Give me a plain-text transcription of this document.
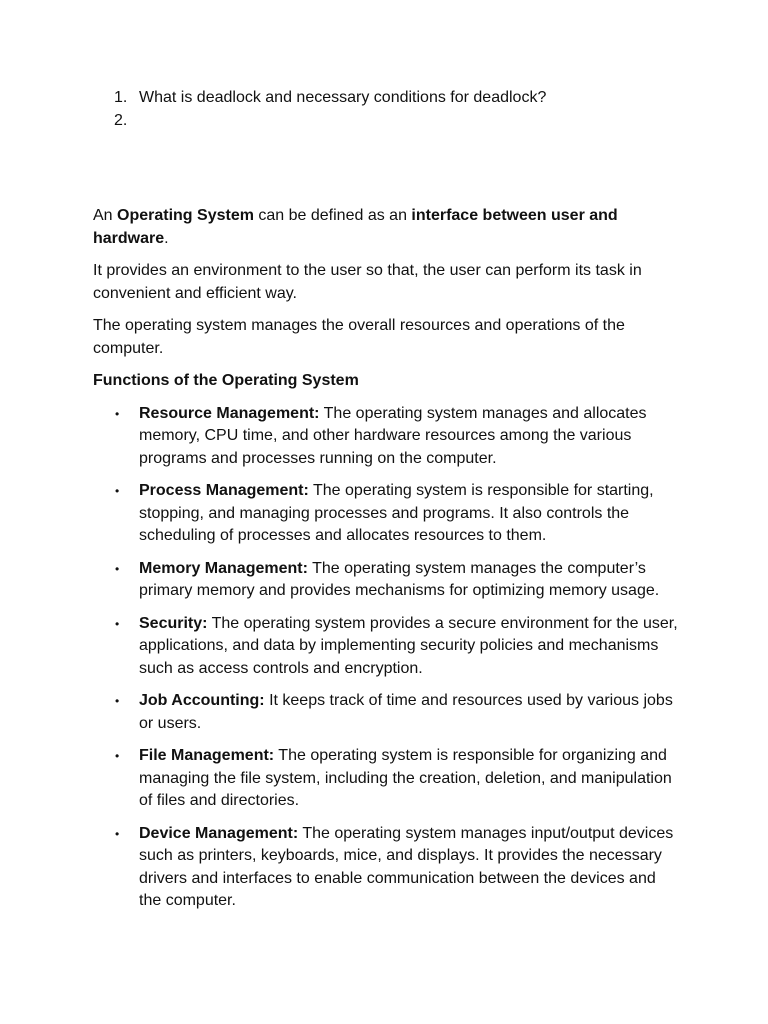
1. What is deadlock and necessary conditions for deadlock?
2.

An Operating System can be defined as an interface between user and hardware.

It provides an environment to the user so that, the user can perform its task in convenient and efficient way.

The operating system manages the overall resources and operations of the computer.

Functions of the Operating System

• Resource Management: The operating system manages and allocates memory, CPU time, and other hardware resources among the various programs and processes running on the computer.
• Process Management: The operating system is responsible for starting, stopping, and managing processes and programs. It also controls the scheduling of processes and allocates resources to them.
• Memory Management: The operating system manages the computer’s primary memory and provides mechanisms for optimizing memory usage.
• Security: The operating system provides a secure environment for the user, applications, and data by implementing security policies and mechanisms such as access controls and encryption.
• Job Accounting: It keeps track of time and resources used by various jobs or users.
• File Management: The operating system is responsible for organizing and managing the file system, including the creation, deletion, and manipulation of files and directories.
• Device Management: The operating system manages input/output devices such as printers, keyboards, mice, and displays. It provides the necessary drivers and interfaces to enable communication between the devices and the computer.
